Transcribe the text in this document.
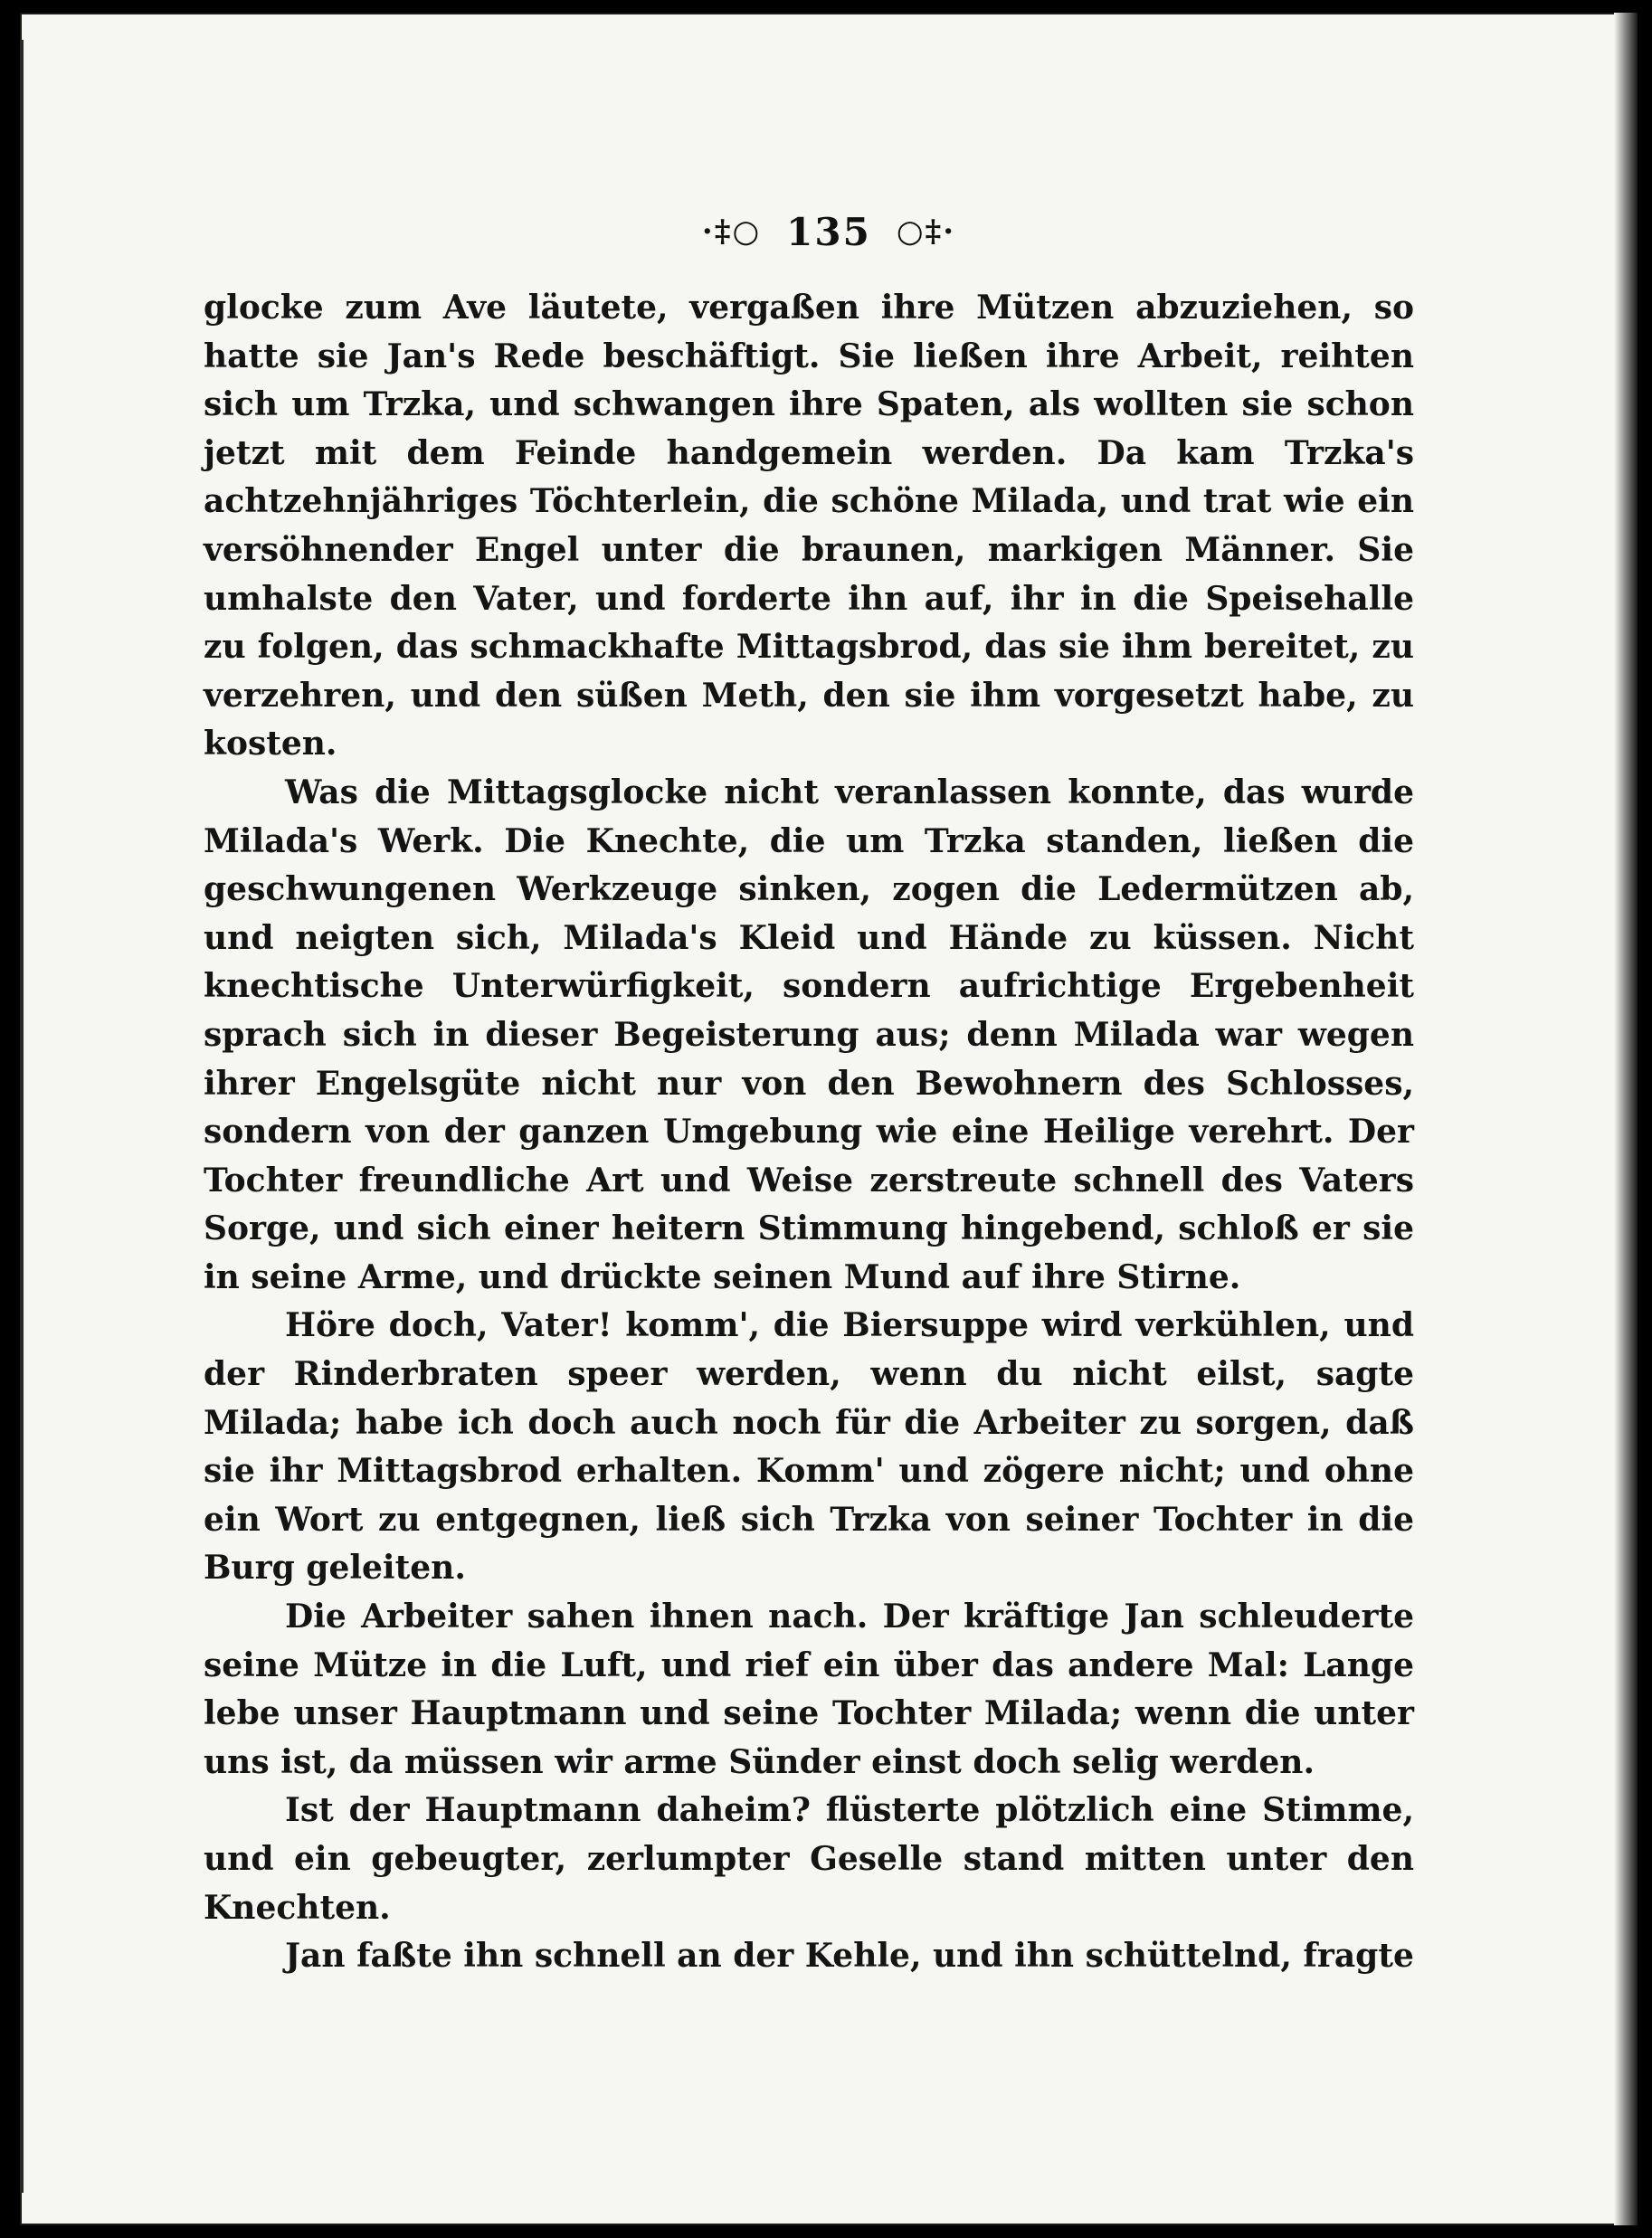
·‡○ 135 ○‡·

glocke zum Ave läutete, vergaßen ihre Mützen abzuziehen, so hatte sie Jan's Rede beschäftigt. Sie ließen ihre Arbeit, reihten sich um Trzka, und schwangen ihre Spaten, als wollten sie schon jetzt mit dem Feinde handgemein werden. Da kam Trzka's achtzehnjähriges Töchterlein, die schöne Milada, und trat wie ein versöhnender Engel unter die braunen, markigen Männer. Sie umhalste den Vater, und forderte ihn auf, ihr in die Speisehalle zu folgen, das schmackhafte Mittagsbrod, das sie ihm bereitet, zu verzehren, und den süßen Meth, den sie ihm vorgesetzt habe, zu kosten.

Was die Mittagsglocke nicht veranlassen konnte, das wurde Milada's Werk. Die Knechte, die um Trzka standen, ließen die geschwungenen Werkzeuge sinken, zogen die Ledermützen ab, und neigten sich, Milada's Kleid und Hände zu küssen. Nicht knechtische Unterwürfigkeit, sondern aufrichtige Ergebenheit sprach sich in dieser Begeisterung aus; denn Milada war wegen ihrer Engelsgüte nicht nur von den Bewohnern des Schlosses, sondern von der ganzen Umgebung wie eine Heilige verehrt. Der Tochter freundliche Art und Weise zerstreute schnell des Vaters Sorge, und sich einer heitern Stimmung hingebend, schloß er sie in seine Arme, und drückte seinen Mund auf ihre Stirne.

Höre doch, Vater! komm', die Biersuppe wird verkühlen, und der Rinderbraten speer werden, wenn du nicht eilst, sagte Milada; habe ich doch auch noch für die Arbeiter zu sorgen, daß sie ihr Mittagsbrod erhalten. Komm' und zögere nicht; und ohne ein Wort zu entgegnen, ließ sich Trzka von seiner Tochter in die Burg geleiten.

Die Arbeiter sahen ihnen nach. Der kräftige Jan schleuderte seine Mütze in die Luft, und rief ein über das andere Mal: Lange lebe unser Hauptmann und seine Tochter Milada; wenn die unter uns ist, da müssen wir arme Sünder einst doch selig werden.

Ist der Hauptmann daheim? flüsterte plötzlich eine Stimme, und ein gebeugter, zerlumpter Geselle stand mitten unter den Knechten.

Jan faßte ihn schnell an der Kehle, und ihn schüttelnd, fragte
